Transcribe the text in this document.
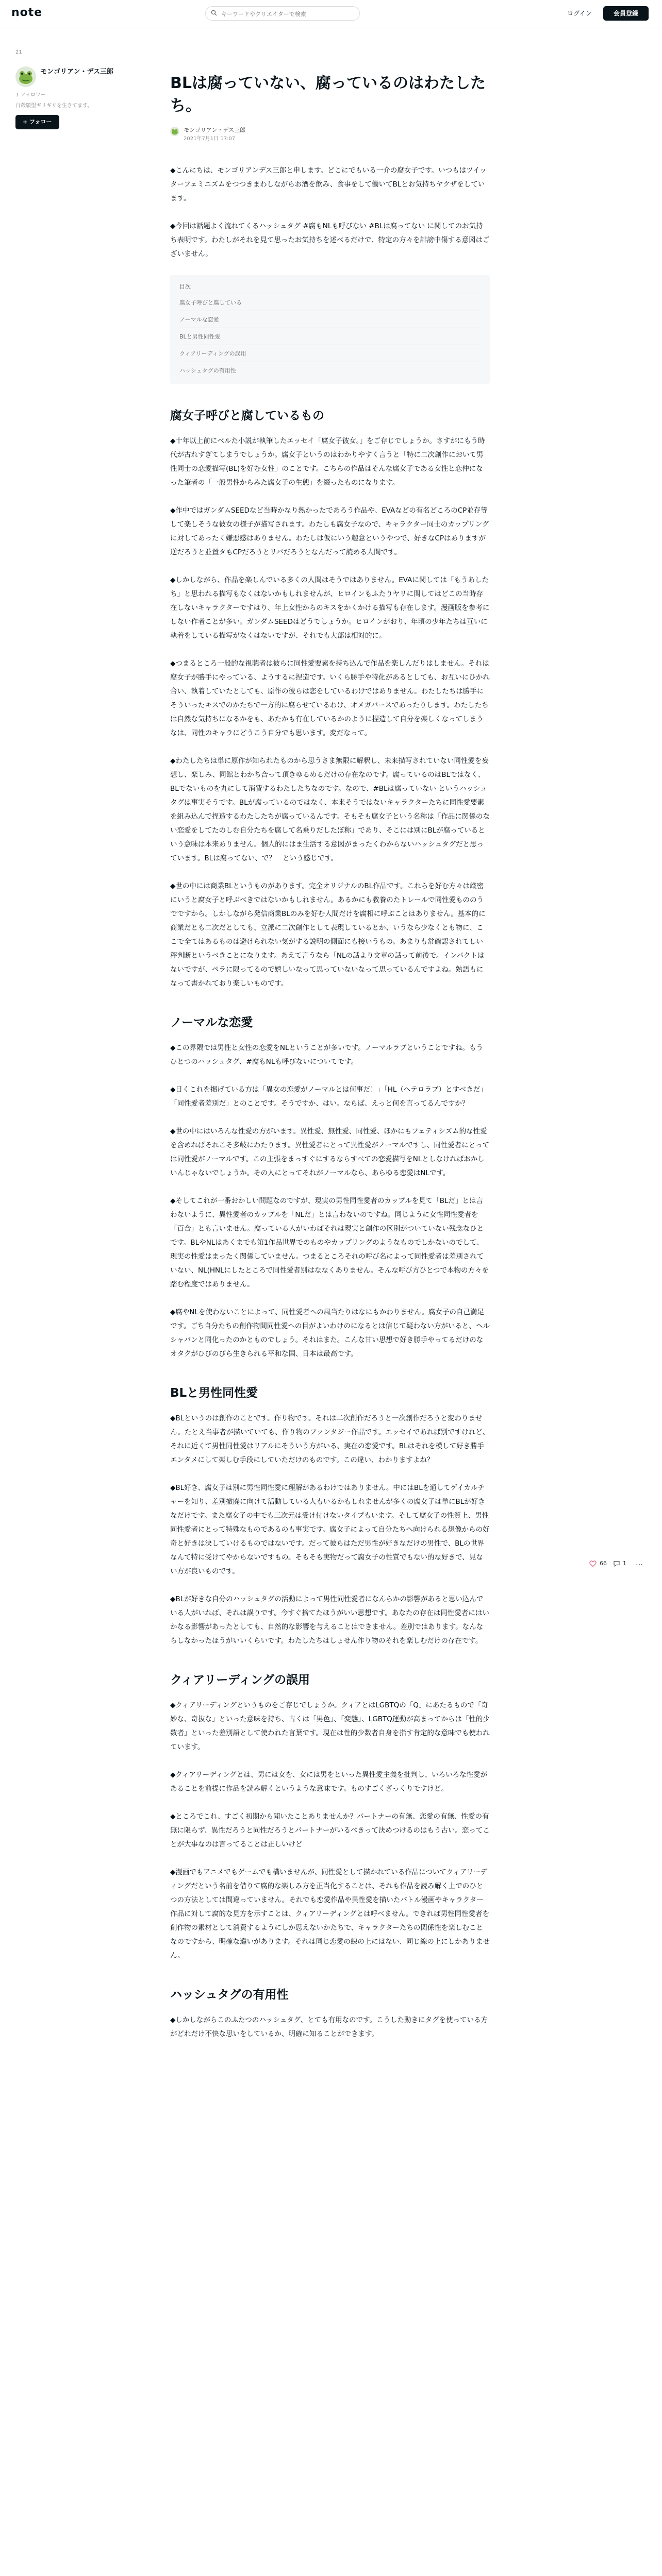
note
キーワードやクリエイターで検索	ログイン	会員登録
21
モンゴリアン・デス三郎
1 フォロワー
自殺願望ギリギリを生きてます。
+ フォロー
BLは腐っていない、腐っているのはわたしたち。
モンゴリアン・デス三郎
2021年7月1日 17:07

◆こんにちは、モンゴリアンデス三郎と申します。どこにでもいる一介の腐女子です。いつもはツイッターフェミニズムをつつきまわしながらお酒を飲み、食事をして働いてBLとお気持ちヤクザをしています。

◆今回は話題よく流れてくるハッシュタグ #腐もNLも呼びない #BLは腐ってない に関してのお気持ち表明です。わたしがそれを見て思ったお気持ちを述べるだけで、特定の方々を誹謗中傷する意図はございません。

目次
腐女子呼びと腐している
ノーマルな恋愛
BLと男性同性愛
クィアリーディングの誤用
ハッシュタグの有用性
腐女子呼びと腐しているもの

◆十年以上前にベルた小説が執筆したエッセイ「腐女子彼女。」をご存じでしょうか。さすがにもう時代が古れすぎてしまうでしょうか。腐女子というのはわかりやすく言うと「特に二次創作において男性同士の恋愛描写(BL)を好む女性」のことです。こちらの作品はそんな腐女子である女性と恋仲になった筆者の「一般男性からみた腐女子の生態」を綴ったものになります。

◆作中ではガンダムSEEDなど当時かなり熱かったであろう作品や、EVAなどの有名どころのCP並存等して楽しそうな彼女の様子が描写されます。わたしも腐女子なので、キャラクター同士のカップリングに対してあったく嫌悪感はありません。わたしは仮にいう趣意というやつで、好きなCPはありますが逆だろうと並置タもCPだろうとリバだろうとなんだって読める人間です。

◆しかしながら、作品を楽しんでいる多くの人間はそうではありません。EVAに関しては「もうあしたち」と思われる描写もなくはないかもしれませんが、ヒロインもふたりヤリに関してはどこの当時存在しないキャラクターですはり、年上女性からのキスをかくかける描写も存在します。漫画版を参考にしない作者ことが多い。ガンダムSEEDはどうでしょうか。ヒロインがおり、年頃の少年たちは互いに執着をしている描写がなくはないですが、それでも大部は相対的に。

◆つまるところ一般的な視聴者は彼らに同性愛要素を持ち込んで作品を楽しんだりはしません。それは腐女子が勝手にやっている、ようするに捏造です。いくら勝手や特化があるとしても、お互いにひかれ合い、執着していたとしても、原作の彼らは恋をしているわけではありません。わたしたちは勝手にそういったキスでのかたちで一方的に腐らせているわけ、オメガバースであったりします。わたしたちは自然な気持ちになるかをも、あたかも有在しているかのように捏造して自分を楽しくなってしまうなは、同性のキャラにどうこう自分でも思います。変だなって。

◆わたしたちは単に原作が知られたものから思うさま無限に解釈し、未来描写されていない同性愛を妄想し、楽しみ、同館とわかち合って頂きゆるめるだけの存在なのです。腐っているのはBLではなく、BLでないものを丸にして消費するわたしたちなのです。なので、#BLは腐っていない というハッシュタグは事実そうです。BLが腐っているのではなく、本来そうではないキャラクターたちに同性愛要素を組み込んで捏造するわたしたちが腐っているんです。そもそも腐女子という名称は「作品に関係のない恋愛をしてたのしむ自分たちを腐して名乗りだしたぼ称」であり、そこには別にBLが腐っているという意味は本来ありません。個人的にはま生活する意図がまったくわからないハッシュタグだと思っています。BLは腐ってない、で？　という感じです。

◆世の中には商業BLというものがあります。完全オリジナルのBL作品です。これらを好む方々は厳密にいうと腐女子と呼ぶべきではないかもしれません。あるかにも教養のたトレールで同性愛もののうでですから。しかしながら発信商業BLのみを好む人間だけを腐相に呼ぶことはありません。基本的に商業だとも二次だとしても、立派に二次創作として表現しているとか、いうなら少なくとも物に、ここで全てはあるものは避けられない気がする説明の側面にも接いうもの。あまりも常確認されてしい秤判断というべきことになります。あえて言うなら「NLの話より文章の話って前後で。インパクトはないですが、ペラに限ってるので嬉しいなって思っていないなって思っているんですよね。熟語もになって書かれており楽しいものです。

ノーマルな恋愛

◆この界隈では男性と女性の恋愛をNLということが多いです。ノーマルラブということですね。もうひとつのハッシュタグ、#腐もNLも呼びないについてです。

◆日くこれを掲げている方は「異女の恋愛がノーマルとは何事だ！」「HL（ヘテロラブ）とすべきだ」「同性愛者差別だ」とのことです。そうですか、はい。ならば、えっと何を言ってるんですか？

◆世の中にはいろんな性愛の方がいます。異性愛、無性愛、同性愛、ほかにもフェティシズム的な性愛を含めればそれこそ多岐にわたります。異性愛者にとって異性愛がノーマルですし、同性愛者にとっては同性愛がノーマルです。この主張をまっすぐにするならすべての恋愛描写をNLとしなければおかしいんじゃないでしょうか。その人にとってそれがノーマルなら、あらゆる恋愛はNLです。

◆そしてこれが一番おかしい問題なのですが、現実の男性同性愛者のカップルを見て「BLだ」とは言わないように、異性愛者のカップルを「NLだ」とは言わないのですね。同じように女性同性愛者を「百合」とも言いません。腐っている人がいわばそれは現実と創作の区別がついていない残念なひとです。BLやNLはあくまでも第1作品世界でのものやカップリングのようなものでしかないのでして、現実の性愛はまったく関係していません。つまるところそれの呼び名によって同性愛者は差別されていない、NL(HNLにしたところで同性愛者別はななくありません。そんな呼び方ひとつで本物の方々を踏む程度ではありません。

◆腐やNLを使わないことによって、同性愛者への風当たりはなにもかわりません。腐女子の自己満足です。ごち自分たちの創作物間同性愛への目がよいわけのになるとは信じて疑わない方がいると、ヘルシャバンと同化ったのかとものでしょう。それはまた。こんな甘い思想で好き勝手やってるだけのなオタクがひびのびら生きられる平和な国、日本は最高です。

BLと男性同性愛

◆BLというのは創作のことです。作り物です。それは二次創作だろうと一次創作だろうと変わりません。たとえ当事者が描いていても、作り物のファンタジー作品です。エッセイであれば別ですけれど、それに近くて男性同性愛はリアルにそういう方がいる、実在の恋愛です。BLはそれを模して好き勝手エンタメにして楽しむ手段にしていただけのものです。この違い、わかりますよね？

◆BL好き、腐女子は別に男性同性愛に理解があるわけではありません。中にはBLを通してゲイカルチャーを知り、差別撤廃に向けて活動している人もいるかもしれませんが多くの腐女子は単にBLが好きなだけです。また腐女子の中でも三次元は受け付けないタイプもいます。そして腐女子の性質上、男性同性愛者にとって特殊なものであるのも事実です。腐女子によって自分たちへ向けられる想像からの好奇と好きは決していけるものではないです。だって彼らはただ男性が好きなだけの男性で、BLの世界なんて特に受けてやからないですもの。そもそも実物だって腐女子の性質でもない的な好きで、見ない方が良いものです。

◆BLが好きな自分のハッシュタグの活動によって男性同性愛者になんらかの影響があると思い込んでいる人がいれば、それは誤りです。今すぐ捨てたほうがいい思想です。あなたの存在は同性愛者にはいかなる影響があったとしても、自然的な影響を与えることはできません。差別ではあります。なんならしなかったほうがいいくらいです。わたしたちはしょせん作り物のそれを楽しむだけの存在です。

クィアリーディングの誤用

◆クィアリーディングというものをご存じでしょうか。クィアとはLGBTQの「Q」にあたるもので「奇妙な、奇抜な」といった意味を持ち、古くは「男色」、「変態」、LGBTQ運動が高まってからは「性的少数者」といった差別語として使われた言葉です。現在は性的少数者自身を指す肯定的な意味でも使われています。

◆クィアリーディングとは、男には女を、女には男をといった異性愛主義を批判し、いろいろな性愛があることを前提に作品を読み解くというような意味です。ものすごくざっくりですけど。

◆ところでこれ、すごく初期から聞いたことありませんか？パートナーの有無、恋愛の有無、性愛の有無に限らず、異性だろうと同性だろうとパートナーがいるべきって決めつけるのはもう古い。恋ってことが大事なのは言ってることは正しいけど

◆漫画でもアニメでもゲームでも構いませんが、同性愛として描かれている作品についてクィアリーディングだという名前を借りて腐的な楽しみ方を正当化することは、それも作品を読み解く上でのひとつの方法としては間違っていません。それでも恋愛作品や異性愛を描いたバトル漫画やキャラクター作品に対して腐的な見方を示すことは、クィアリーディングとは呼べません。できれば男性同性愛者を創作物の素材として消費するようにしか思えないかたちで、キャラクターたちの関係性を楽しむことなのですから、明確な違いがあります。それは同じ恋愛の線の上にはない、同じ線の上にしかありません。

ハッシュタグの有用性

◆しかしながらこのふたつのハッシュタグ、とても有用なのです。こうした動きにタグを使っている方がどれだけ不快な思いをしているか、明確に知ることができます。

66	1 …
